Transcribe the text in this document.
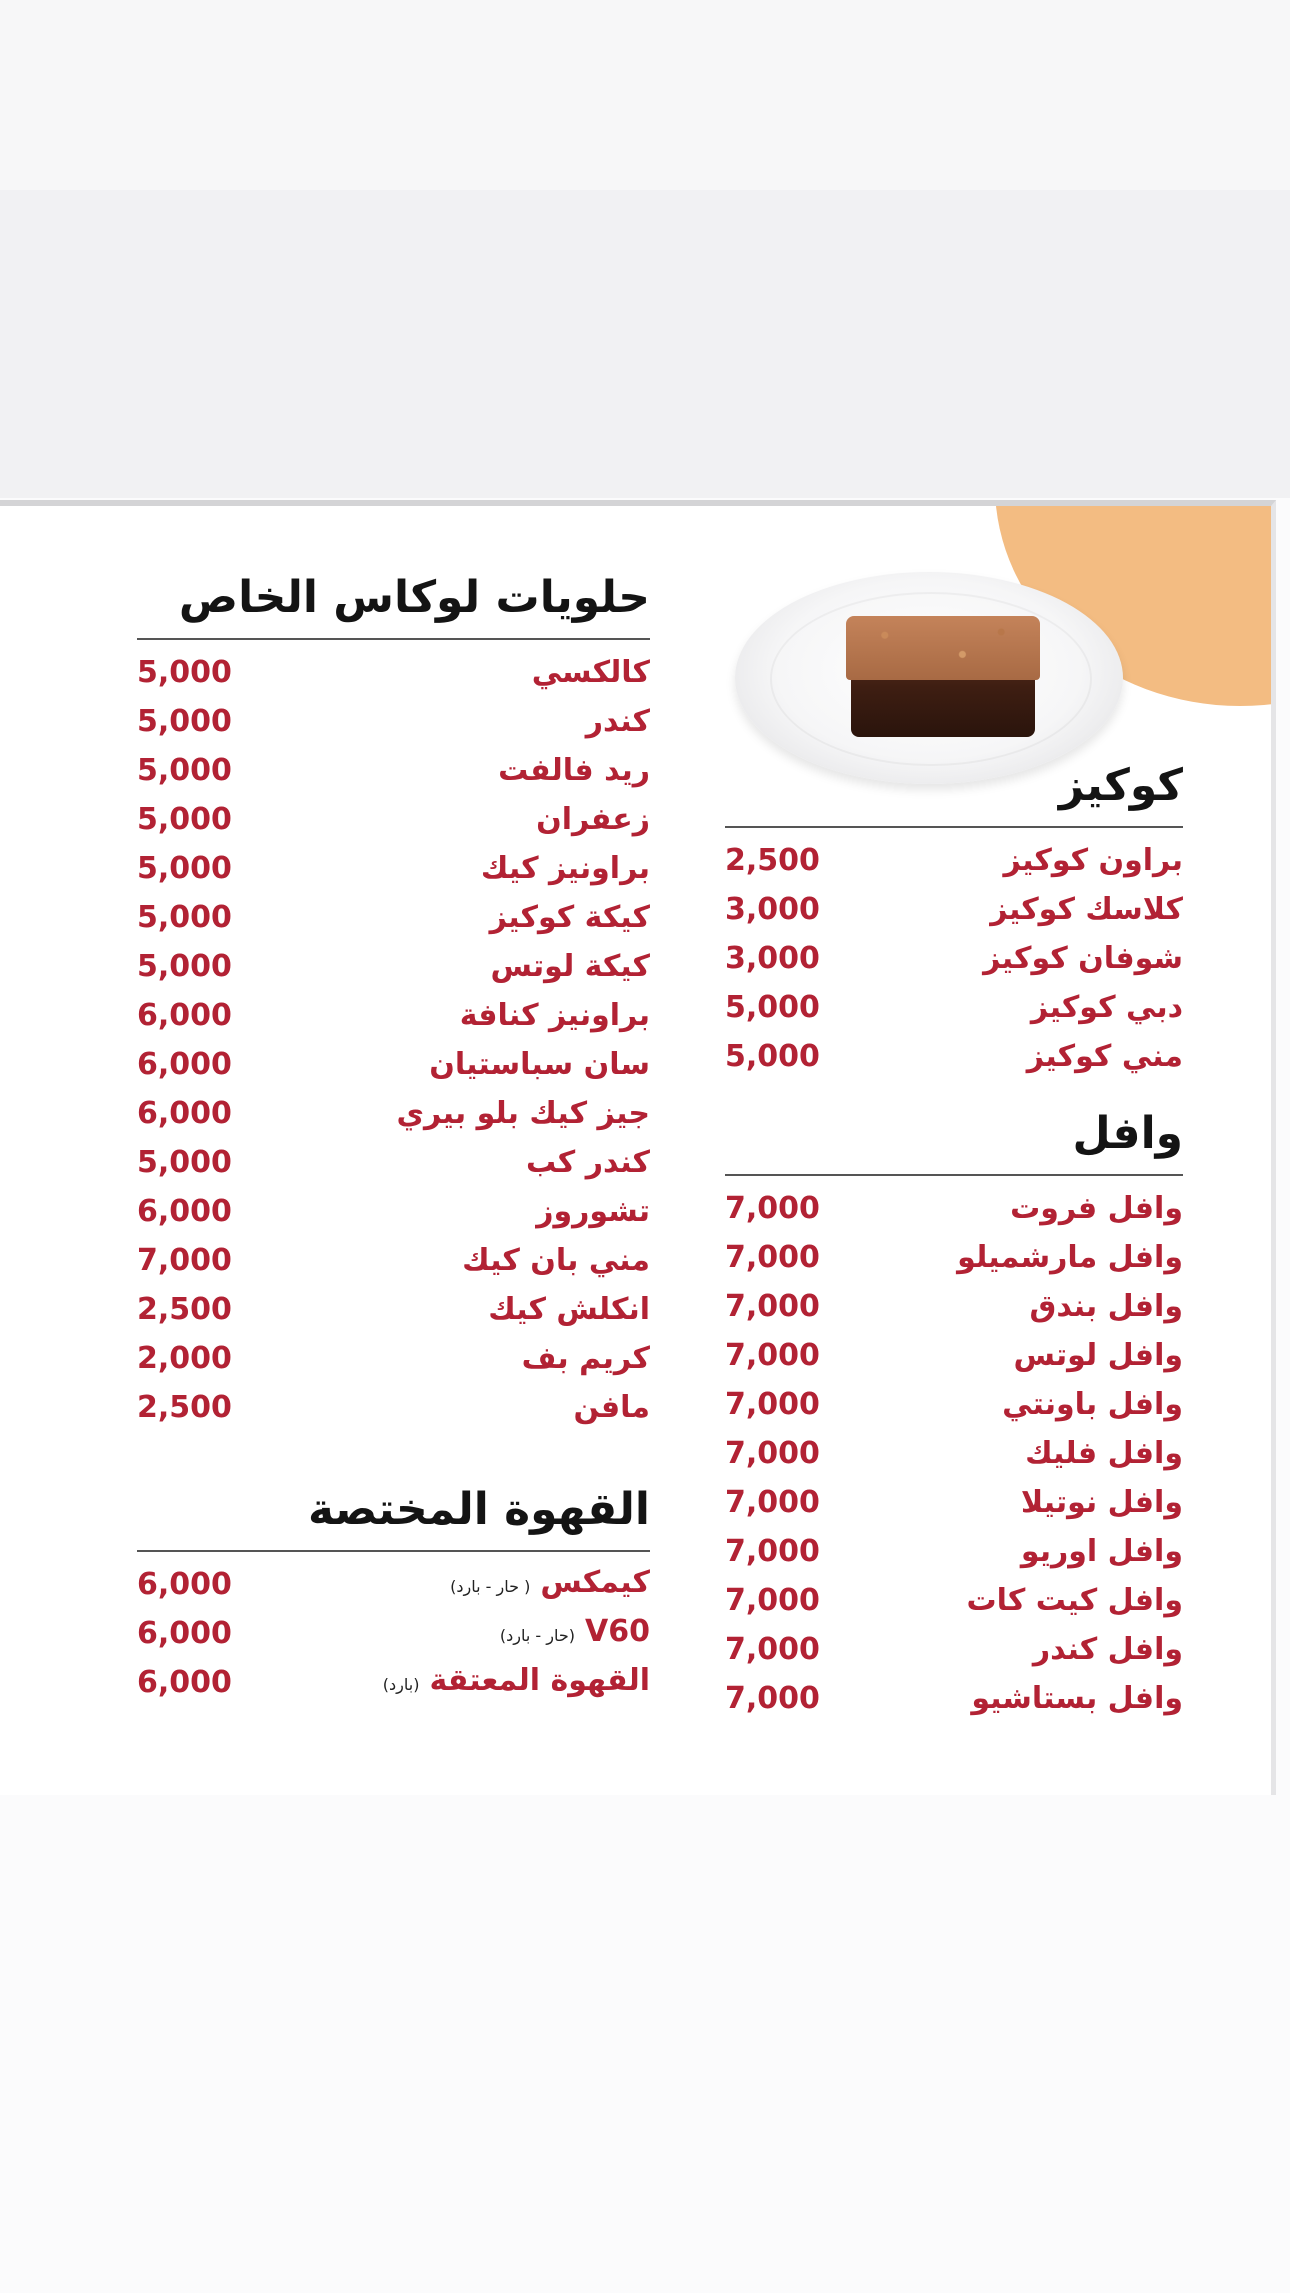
حلويات لوكاس الخاص
كالكسي
5,000
كندر
5,000
ريد فالفت
5,000
زعفران
5,000
براونيز كيك
5,000
كيكة كوكيز
5,000
كيكة لوتس
5,000
براونيز كنافة
6,000
سان سباستيان
6,000
جيز كيك بلو بيري
6,000
كندر كب
5,000
تشوروز
6,000
مني بان كيك
7,000
انكلش كيك
2,500
كريم بف
2,000
مافن
2,500
القهوة المختصة
كيمكس( حار - بارد)
6,000
V60(حار - بارد)
6,000
القهوة المعتقة(بارد)
6,000
كوكيز
براون كوكيز
2,500
كلاسك كوكيز
3,000
شوفان كوكيز
3,000
دبي كوكيز
5,000
مني كوكيز
5,000
وافل
وافل فروت
7,000
وافل مارشميلو
7,000
وافل بندق
7,000
وافل لوتس
7,000
وافل باونتي
7,000
وافل فليك
7,000
وافل نوتيلا
7,000
وافل اوريو
7,000
وافل كيت كات
7,000
وافل كندر
7,000
وافل بستاشيو
7,000
